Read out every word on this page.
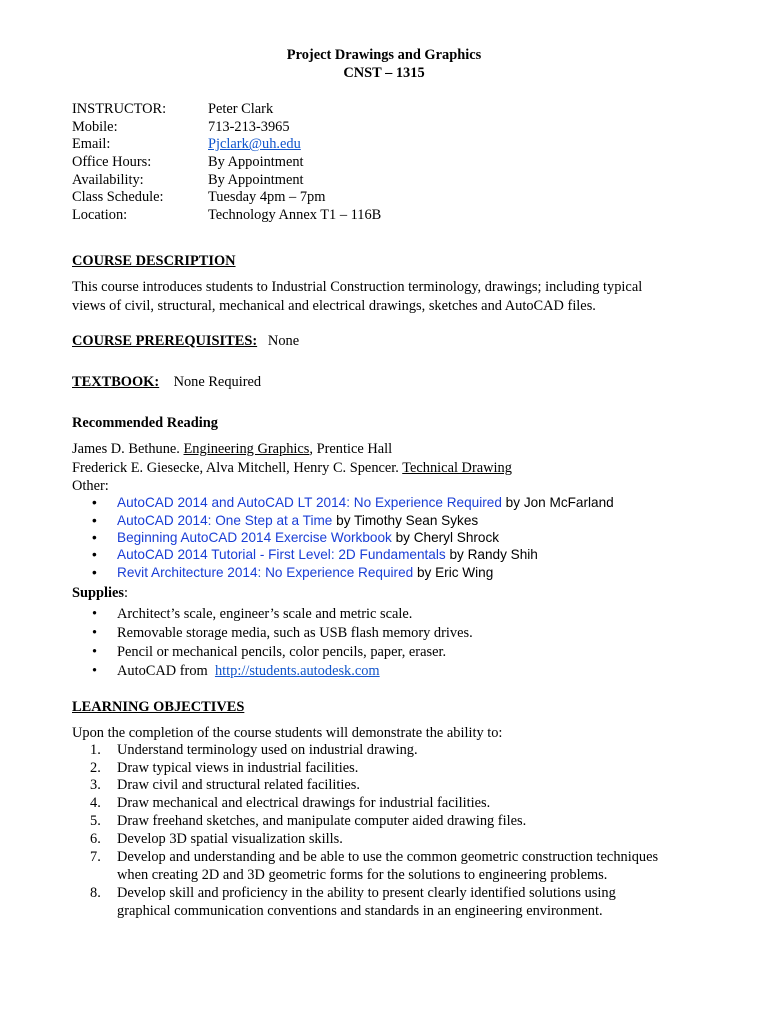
Project Drawings and Graphics
CNST – 1315
INSTRUCTOR:	Peter Clark
Mobile:	713-213-3965
Email:	Pjclark@uh.edu
Office Hours:	By Appointment
Availability:	By Appointment
Class Schedule:	Tuesday 4pm – 7pm
Location:	Technology Annex T1 – 116B
COURSE DESCRIPTION
This course introduces students to Industrial Construction terminology, drawings; including typical
views of civil, structural, mechanical and electrical drawings, sketches and AutoCAD files.
COURSE PREREQUISITES: None
TEXTBOOK: None Required
Recommended Reading
James D. Bethune. Engineering Graphics, Prentice Hall
Frederick E. Giesecke, Alva Mitchell, Henry C. Spencer. Technical Drawing
Other:
• AutoCAD 2014 and AutoCAD LT 2014: No Experience Required by Jon McFarland
• AutoCAD 2014: One Step at a Time by Timothy Sean Sykes
• Beginning AutoCAD 2014 Exercise Workbook by Cheryl Shrock
• AutoCAD 2014 Tutorial - First Level: 2D Fundamentals by Randy Shih
• Revit Architecture 2014: No Experience Required by Eric Wing
Supplies:
• Architect’s scale, engineer’s scale and metric scale.
• Removable storage media, such as USB flash memory drives.
• Pencil or mechanical pencils, color pencils, paper, eraser.
• AutoCAD from  http://students.autodesk.com
LEARNING OBJECTIVES
Upon the completion of the course students will demonstrate the ability to:
1.	Understand terminology used on industrial drawing.
2.	Draw typical views in industrial facilities.
3.	Draw civil and structural related facilities.
4.	Draw mechanical and electrical drawings for industrial facilities.
5.	Draw freehand sketches, and manipulate computer aided drawing files.
6.	Develop 3D spatial visualization skills.
7.	Develop and understanding and be able to use the common geometric construction techniques
when creating 2D and 3D geometric forms for the solutions to engineering problems.
8.	Develop skill and proficiency in the ability to present clearly identified solutions using
graphical communication conventions and standards in an engineering environment.
